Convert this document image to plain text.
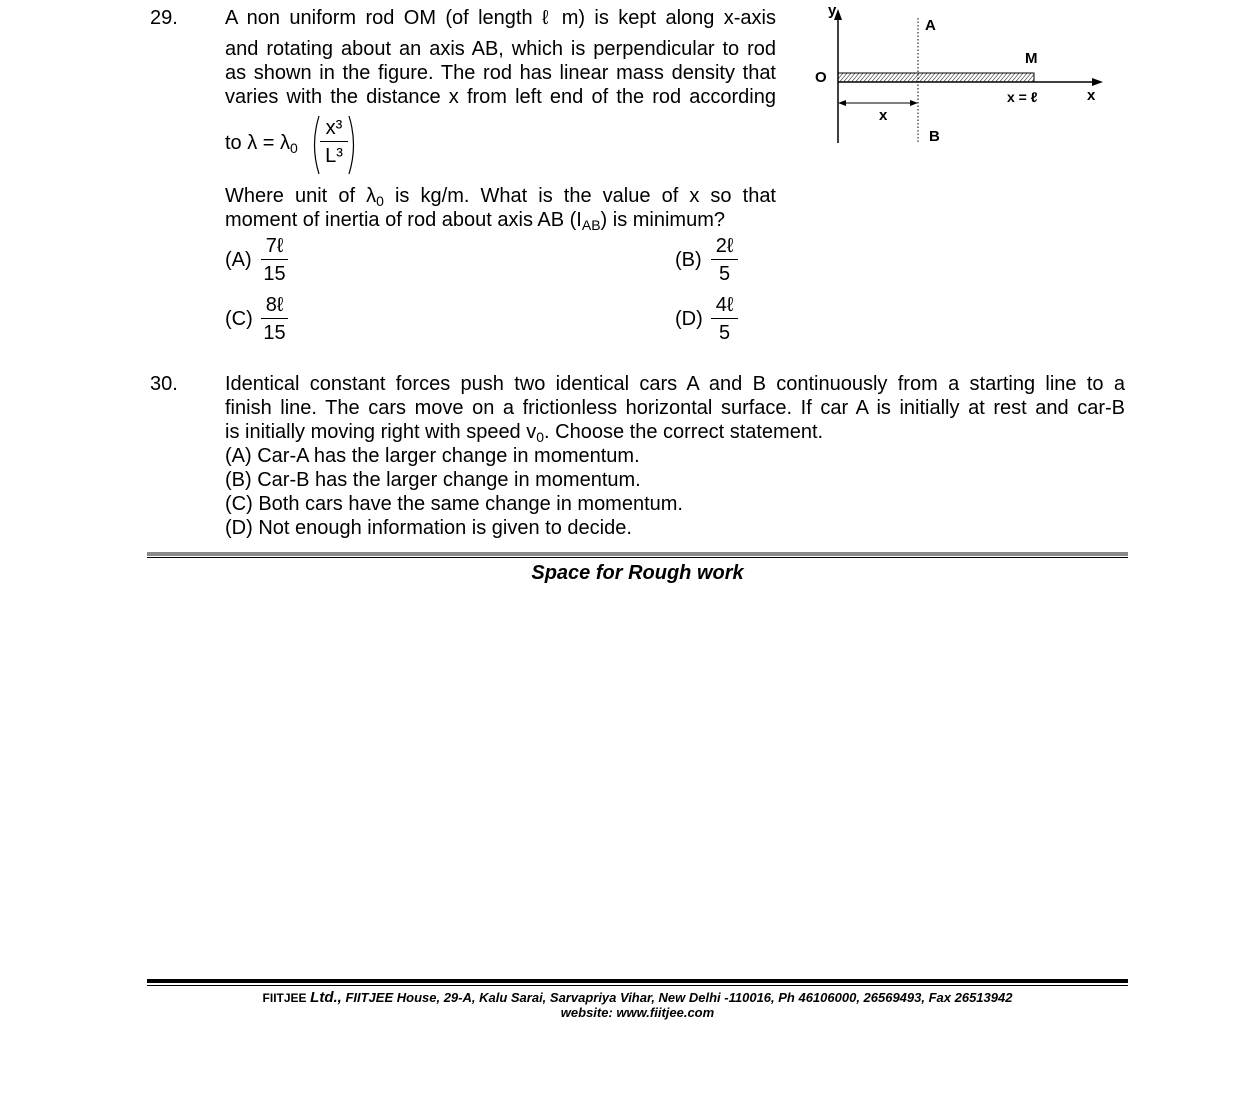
29. A non uniform rod OM (of length ℓ m) is kept along x-axis
and rotating about an axis AB, which is perpendicular to rod
as shown in the figure. The rod has linear mass density that
varies with the distance x from left end of the rod according
to $\lambda = \lambda_0$
x³
L³
Where unit of $\lambda_0$ is kg/m. What is the value of x so that
moment of inertia of rod about axis AB $(I_{AB})$ is minimum?
(A)
7ℓ
15
(B)
2ℓ
5
(C)
8ℓ
15
(D)
4ℓ
5
y
A
M
O
x = ℓ	x
x
B
30. Identical constant forces push two identical cars A and B continuously from a starting line to a
finish line. The cars move on a frictionless horizontal surface. If car A is initially at rest and car-B
is initially moving right with speed $v_0$. Choose the correct statement.
(A) Car-A has the larger change in momentum.
(B) Car-B has the larger change in momentum.
(C) Both cars have the same change in momentum.
(D) Not enough information is given to decide.
Space for Rough work
FIITJEE Ltd., FIITJEE House, 29-A, Kalu Sarai, Sarvapriya Vihar, New Delhi -110016, Ph 46106000, 26569493, Fax 26513942
website: www.fiitjee.com
